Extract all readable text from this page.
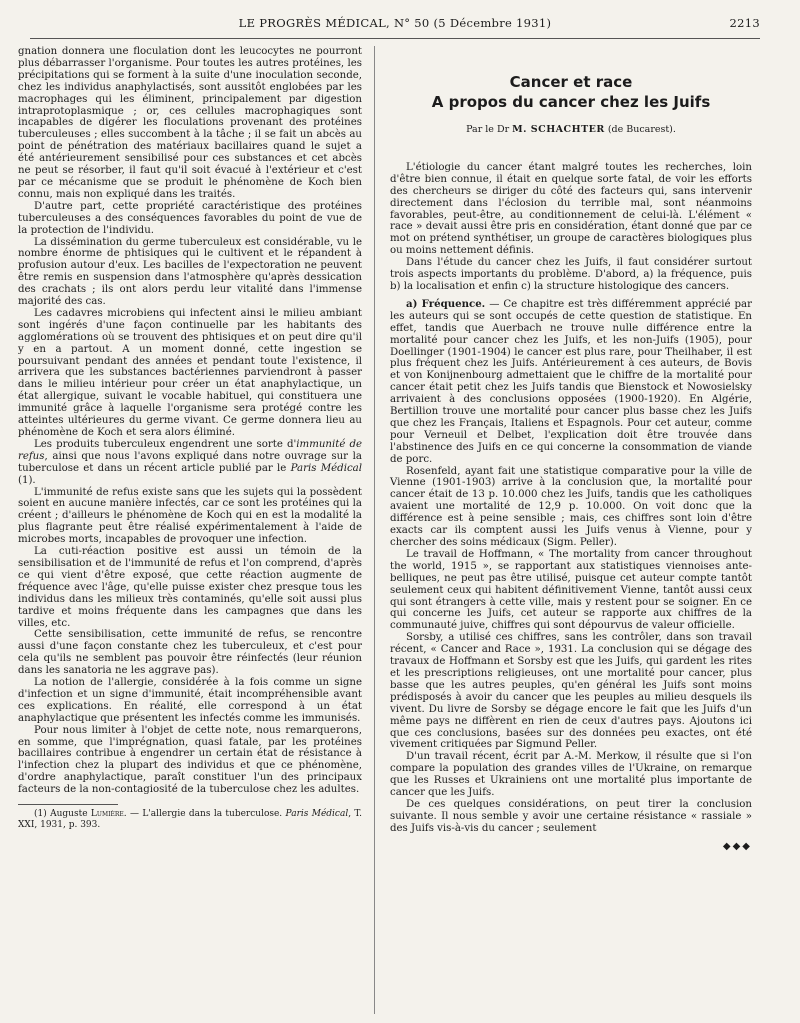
LE PROGRÈS MÉDICAL, N° 50 (5 Décembre 1931)	2213

gnation donnera une floculation dont les leucocytes ne pourront plus débarrasser l'organisme. Pour toutes les autres protéines, les précipitations qui se forment à la suite d'une inoculation seconde, chez les individus anaphylactisés, sont aussitôt englobées par les macrophages qui les éliminent, principalement par digestion intraprotoplasmique ; or, ces cellules macrophagiques sont incapables de digérer les floculations provenant des protéines tuberculeuses ; elles succombent à la tâche ; il se fait un abcès au point de pénétration des matériaux bacillaires quand le sujet a été antérieurement sensibilisé pour ces substances et cet abcès ne peut se résorber, il faut qu'il soit évacué à l'extérieur et c'est par ce mécanisme que se produit le phénomène de Koch bien connu, mais non expliqué dans les traités.

D'autre part, cette propriété caractéristique des protéines tuberculeuses a des conséquences favorables du point de vue de la protection de l'individu.

La dissémination du germe tuberculeux est considérable, vu le nombre énorme de phtisiques qui le cultivent et le répandent à profusion autour d'eux. Les bacilles de l'expectoration ne peuvent être remis en suspension dans l'atmosphère qu'après dessication des crachats ; ils ont alors perdu leur vitalité dans l'immense majorité des cas.

Les cadavres microbiens qui infectent ainsi le milieu ambiant sont ingérés d'une façon continuelle par les habitants des agglomérations où se trouvent des phtisiques et on peut dire qu'il y en a partout. A un moment donné, cette ingestion se poursuivant pendant des années et pendant toute l'existence, il arrivera que les substances bactériennes parviendront à passer dans le milieu intérieur pour créer un état anaphylactique, un état allergique, suivant le vocable habituel, qui constituera une immunité grâce à laquelle l'organisme sera protégé contre les atteintes ultérieures du germe vivant. Ce germe donnera lieu au phénomène de Koch et sera alors éliminé.

Les produits tuberculeux engendrent une sorte d'immunité de refus, ainsi que nous l'avons expliqué dans notre ouvrage sur la tuberculose et dans un récent article publié par le Paris Médical (1).

L'immunité de refus existe sans que les sujets qui la possèdent soient en aucune manière infectés, car ce sont les protéines qui la créent ; d'ailleurs le phénomène de Koch qui en est la modalité la plus flagrante peut être réalisé expérimentalement à l'aide de microbes morts, incapables de provoquer une infection.

La cuti-réaction positive est aussi un témoin de la sensibilisation et de l'immunité de refus et l'on comprend, d'après ce qui vient d'être exposé, que cette réaction augmente de fréquence avec l'âge, qu'elle puisse exister chez presque tous les individus dans les milieux très contaminés, qu'elle soit aussi plus tardive et moins fréquente dans les campagnes que dans les villes, etc.

Cette sensibilisation, cette immunité de refus, se rencontre aussi d'une façon constante chez les tuberculeux, et c'est pour cela qu'ils ne semblent pas pouvoir être réinfectés (leur réunion dans les sanatoria ne les aggrave pas).

La notion de l'allergie, considérée à la fois comme un signe d'infection et un signe d'immunité, était incompréhensible avant ces explications. En réalité, elle correspond à un état anaphylactique que présentent les infectés comme les immunisés.

Pour nous limiter à l'objet de cette note, nous remarquerons, en somme, que l'imprégnation, quasi fatale, par les protéines bacillaires contribue à engendrer un certain état de résistance à l'infection chez la plupart des individus et que ce phénomène, d'ordre anaphylactique, paraît constituer l'un des principaux facteurs de la non-contagiosité de la tuberculose chez les adultes.

(1) Auguste Lumière. — L'allergie dans la tuberculose. Paris Médical, T. XXI, 1931, p. 393.

Cancer et race
A propos du cancer chez les Juifs
Par le Dr M. SCHACHTER (de Bucarest).

L'étiologie du cancer étant malgré toutes les recherches, loin d'être bien connue, il était en quelque sorte fatal, de voir les efforts des chercheurs se diriger du côté des facteurs qui, sans intervenir directement dans l'éclosion du terrible mal, sont néanmoins favorables, peut-être, au conditionnement de celui-là. L'élément « race » devait aussi être pris en considération, étant donné que par ce mot on prétend synthétiser, un groupe de caractères biologiques plus ou moins nettement définis.

Dans l'étude du cancer chez les Juifs, il faut considérer surtout trois aspects importants du problème. D'abord, a) la fréquence, puis b) la localisation et enfin c) la structure histologique des cancers.

a) Fréquence. — Ce chapitre est très différemment apprécié par les auteurs qui se sont occupés de cette question de statistique. En effet, tandis que Auerbach ne trouve nulle différence entre la mortalité pour cancer chez les Juifs, et les non-Juifs (1905), pour Doellinger (1901-1904) le cancer est plus rare, pour Theilhaber, il est plus fréquent chez les Juifs. Antérieurement à ces auteurs, de Bovis et von Konijnenbourg admettaient que le chiffre de la mortalité pour cancer était petit chez les Juifs tandis que Bienstock et Nowosielsky arrivaient à des conclusions opposées (1900-1920). En Algérie, Bertillion trouve une mortalité pour cancer plus basse chez les Juifs que chez les Français, Italiens et Espagnols. Pour cet auteur, comme pour Verneuil et Delbet, l'explication doit être trouvée dans l'abstinence des Juifs en ce qui concerne la consommation de viande de porc.

Rosenfeld, ayant fait une statistique comparative pour la ville de Vienne (1901-1903) arrive à la conclusion que, la mortalité pour cancer était de 13 p. 10.000 chez les Juifs, tandis que les catholiques avaient une mortalité de 12,9 p. 10.000. On voit donc que la différence est à peine sensible ; mais, ces chiffres sont loin d'être exacts car ils comptent aussi les Juifs venus à Vienne, pour y chercher des soins médicaux (Sigm. Peller).

Le travail de Hoffmann, « The mortality from cancer throughout the world, 1915 », se rapportant aux statistiques viennoises ante-belliques, ne peut pas être utilisé, puisque cet auteur compte tantôt seulement ceux qui habitent définitivement Vienne, tantôt aussi ceux qui sont étrangers à cette ville, mais y restent pour se soigner. En ce qui concerne les Juifs, cet auteur se rapporte aux chiffres de la communauté juive, chiffres qui sont dépourvus de valeur officielle.

Sorsby, a utilisé ces chiffres, sans les contrôler, dans son travail récent, « Cancer and Race », 1931. La conclusion qui se dégage des travaux de Hoffmann et Sorsby est que les Juifs, qui gardent les rites et les prescriptions religieuses, ont une mortalité pour cancer, plus basse que les autres peuples, qu'en général les Juifs sont moins prédisposés à avoir du cancer que les peuples au milieu desquels ils vivent. Du livre de Sorsby se dégage encore le fait que les Juifs d'un même pays ne diffèrent en rien de ceux d'autres pays. Ajoutons ici que ces conclusions, basées sur des données peu exactes, ont été vivement critiquées par Sigmund Peller.

D'un travail récent, écrit par A.-M. Merkow, il résulte que si l'on compare la population des grandes villes de l'Ukraine, on remarque que les Russes et Ukrainiens ont une mortalité plus importante de cancer que les Juifs.

De ces quelques considérations, on peut tirer la conclusion suivante. Il nous semble y avoir une certaine résistance « rassiale » des Juifs vis-à-vis du cancer ; seulement

◆◆◆
